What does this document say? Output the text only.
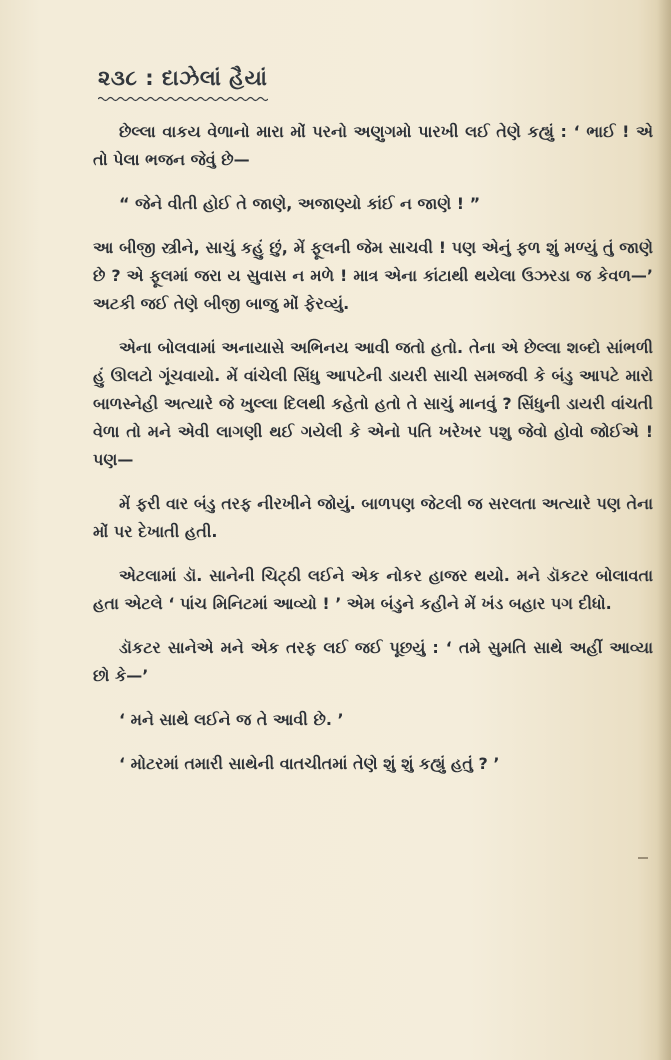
૨૩૮ : દાઝેલાં હૈયાં

છેલ્લા વાકય વેળાનો મારા મોં પરનો અણુગમો પારખી લઈ તેણે કહ્યું : ‘ ભાઈ ! એ તો પેલા ભજન જેવું છે—

“ જેને વીતી હોઈ તે જાણે, અજાણ્યો કાંઈ ન જાણે ! ”

આ બીજી સ્ત્રીને, સાચું કહું છું, મેં ફૂલની જેમ સાચવી ! પણ એનું ફળ શું મળ્યું તું જાણે છે ? એ ફૂલમાં જરા ય સુવાસ ન મળે ! માત્ર એના કાંટાથી થયેલા ઉઝરડા જ કેવળ—’ અટકી જઈ તેણે બીજી બાજુ મોં ફેરવ્યું.

એના બોલવામાં અનાયાસે અભિનય આવી જતો હતો. તેના એ છેલ્લા શબ્દો સાંભળી હું ઊલટો ગૂંચવાયો. મેં વાંચેલી સિંધુ આપટેની ડાયરી સાચી સમજવી કે બંડુ આપટે મારો બાળસ્નેહી અત્યારે જે ખુલ્લા દિલથી કહેતો હતો તે સાચું માનવું ? સિંધુની ડાયરી વાંચતી વેળા તો મને એવી લાગણી થઈ ગયેલી કે એનો પતિ ખરેખર પશુ જેવો હોવો જોઈએ ! પણ—

મેં ફરી વાર બંડુ તરફ નીરખીને જોયું. બાળપણ જેટલી જ સરલતા અત્યારે પણ તેના મોં પર દેખાતી હતી.

એટલામાં ડૉ. સાનેની ચિટ્ઠી લઈને એક નોકર હાજર થયો. મને ડૉકટર બોલાવતા હતા એટલે ‘ પાંચ મિનિટમાં આવ્યો ! ’ એમ બંડુને કહીને મેં ખંડ બહાર પગ દીધો.

ડૉકટર સાનેએ મને એક તરફ લઈ જઈ પૂછયું : ‘ તમે સુમતિ સાથે અહીં આવ્યા છો કે—’

‘ મને સાથે લઈને જ તે આવી છે. ’

‘ મોટરમાં તમારી સાથેની વાતચીતમાં તેણે શું શું કહ્યું હતું ? ’
